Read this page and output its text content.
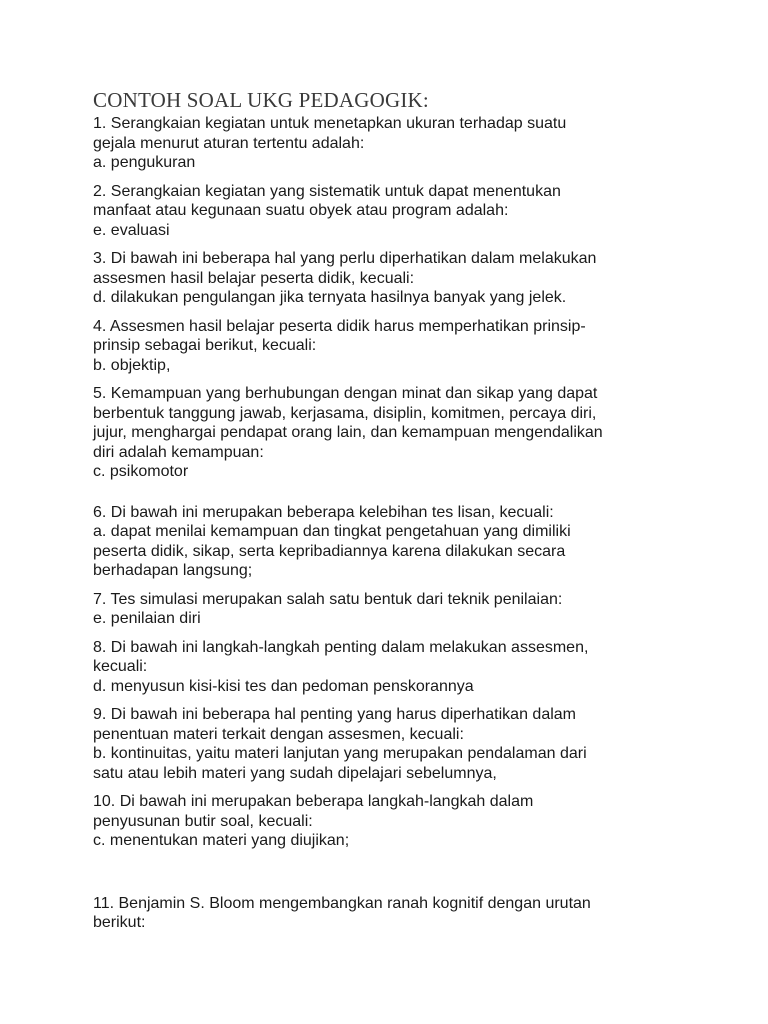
CONTOH SOAL UKG PEDAGOGIK:
1. Serangkaian kegiatan untuk menetapkan ukuran terhadap suatu
gejala menurut aturan tertentu adalah:
a. pengukuran
2. Serangkaian kegiatan yang sistematik untuk dapat menentukan
manfaat atau kegunaan suatu obyek atau program adalah:
e. evaluasi
3. Di bawah ini beberapa hal yang perlu diperhatikan dalam melakukan
assesmen hasil belajar peserta didik, kecuali:
d. dilakukan pengulangan jika ternyata hasilnya banyak yang jelek.
4. Assesmen hasil belajar peserta didik harus memperhatikan prinsip-
prinsip sebagai berikut, kecuali:
b. objektip,
5. Kemampuan yang berhubungan dengan minat dan sikap yang dapat
berbentuk tanggung jawab, kerjasama, disiplin, komitmen, percaya diri,
jujur, menghargai pendapat orang lain, dan kemampuan mengendalikan
diri adalah kemampuan:
c. psikomotor
6. Di bawah ini merupakan beberapa kelebihan tes lisan, kecuali:
a. dapat menilai kemampuan dan tingkat pengetahuan yang dimiliki
peserta didik, sikap, serta kepribadiannya karena dilakukan secara
berhadapan langsung;
7. Tes simulasi merupakan salah satu bentuk dari teknik penilaian:
e. penilaian diri
8. Di bawah ini langkah-langkah penting dalam melakukan assesmen,
kecuali:
d. menyusun kisi-kisi tes dan pedoman penskorannya
9. Di bawah ini beberapa hal penting yang harus diperhatikan dalam
penentuan materi terkait dengan assesmen, kecuali:
b. kontinuitas, yaitu materi lanjutan yang merupakan pendalaman dari
satu atau lebih materi yang sudah dipelajari sebelumnya,
10. Di bawah ini merupakan beberapa langkah-langkah dalam
penyusunan butir soal, kecuali:
c. menentukan materi yang diujikan;
11. Benjamin S. Bloom mengembangkan ranah kognitif dengan urutan
berikut:
